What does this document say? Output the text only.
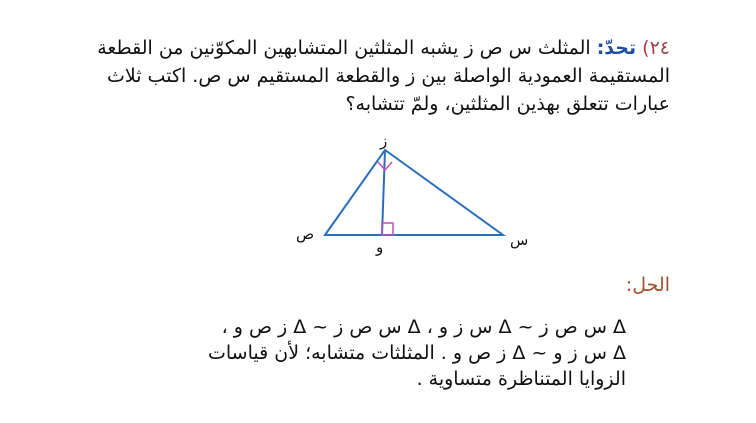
٢٤) تحدّ: المثلث س ص ز يشبه المثلثين المتشابهين المكوّنين من القطعة المستقيمة العمودية الواصلة بين ز والقطعة المستقيم س ص. اكتب ثلاث عبارات تتعلق بهذين المثلثين، ولمّ تتشابه؟
ز
ص	س
و
الحل:
Δ س ص ز ~ Δ س ز و ، Δ س ص ز ~ Δ ز ص و ،
Δ س ز و ~ Δ ز ص و . المثلثات متشابه؛ لأن قياسات
الزوايا المتناظرة متساوية .
